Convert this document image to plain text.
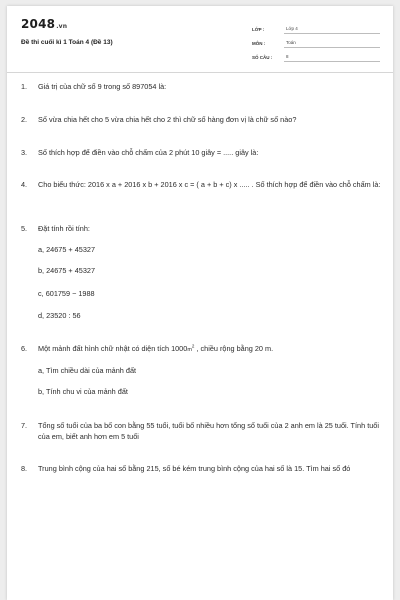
2048.vn
Đề thi cuối kì 1 Toán 4 (Đề 13)
LỚP :	Lớp 4
MÔN :	Toán
SỐ CÂU :	8
1.	Giá trị của chữ số 9 trong số 897054 là:
2.	Số vừa chia hết cho 5 vừa chia hết cho 2 thì chữ số hàng đơn vị là chữ số nào?
3.	Số thích hợp để điền vào chỗ chấm của 2 phút 10 giây = ..... giây là:
4.	Cho biểu thức: 2016 x a + 2016 x b + 2016 x c = ( a + b + c) x ..... . Số thích hợp để điền vào chỗ chấm là:
5.	Đặt tính rồi tính:
a, 24675 + 45327
b, 24675 + 45327
c, 601759 − 1988
d, 23520 : 56
6.	Một mảnh đất hình chữ nhật có diện tích $1000m^2$ , chiều rộng bằng 20 m.
a, Tìm chiều dài của mảnh đất
b, Tính chu vi của mảnh đất
7.	Tổng số tuổi của ba bố con bằng 55 tuổi, tuổi bố nhiều hơn tổng số tuổi của 2 anh em là 25 tuổi. Tính tuổi của em, biết anh hơn em 5 tuổi
8.	Trung bình cộng của hai số bằng 215, số bé kém trung bình cộng của hai số là 15. Tìm hai số đó
